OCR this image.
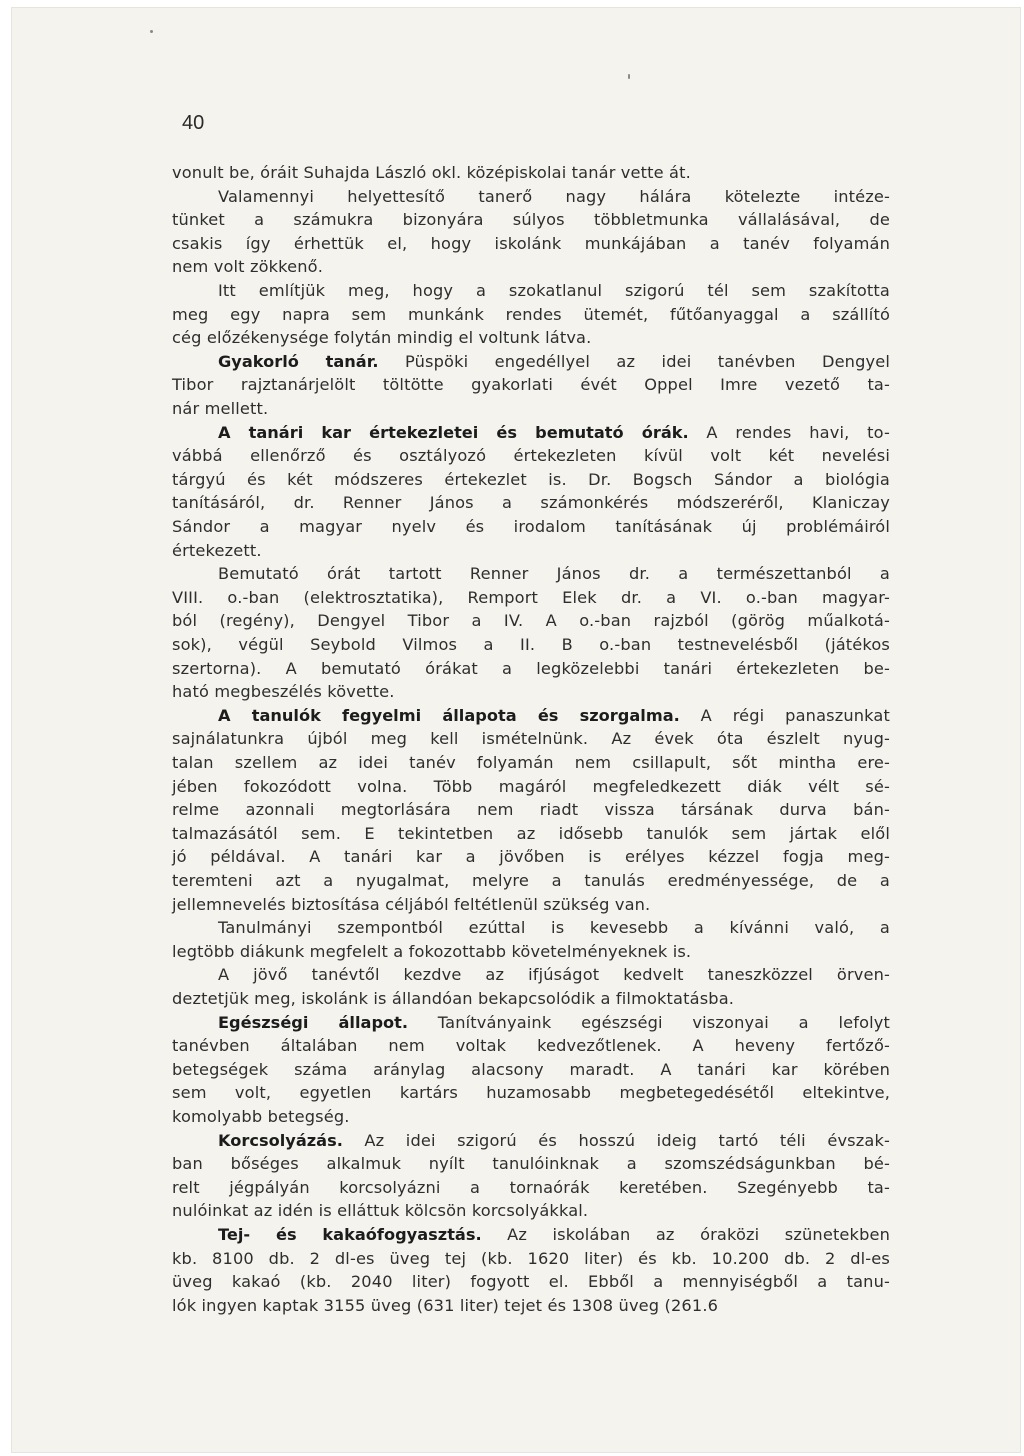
40
vonult be, óráit Suhajda László okl. középiskolai tanár vette át.
Valamennyi helyettesítő tanerő nagy hálára kötelezte intéze-
tünket a számukra bizonyára súlyos többletmunka vállalásával, de
csakis így érhettük el, hogy iskolánk munkájában a tanév folyamán
nem volt zökkenő.
Itt említjük meg, hogy a szokatlanul szigorú tél sem szakította
meg egy napra sem munkánk rendes ütemét, fűtőanyaggal a szállító
cég előzékenysége folytán mindig el voltunk látva.
Gyakorló tanár. Püspöki engedéllyel az idei tanévben Dengyel
Tibor rajztanárjelölt töltötte gyakorlati évét Oppel Imre vezető ta-
nár mellett.
A tanári kar értekezletei és bemutató órák. A rendes havi, to-
vábbá ellenőrző és osztályozó értekezleten kívül volt két nevelési
tárgyú és két módszeres értekezlet is. Dr. Bogsch Sándor a biológia
tanításáról, dr. Renner János a számonkérés módszeréről, Klaniczay
Sándor a magyar nyelv és irodalom tanításának új problémáiról
értekezett.
Bemutató órát tartott Renner János dr. a természettanból a
VIII. o.-ban (elektrosztatika), Remport Elek dr. a VI. o.-ban magyar-
ból (regény), Dengyel Tibor a IV. A o.-ban rajzból (görög műalkotá-
sok), végül Seybold Vilmos a II. B o.-ban testnevelésből (játékos
szertorna). A bemutató órákat a legközelebbi tanári értekezleten be-
ható megbeszélés követte.
A tanulók fegyelmi állapota és szorgalma. A régi panaszunkat
sajnálatunkra újból meg kell ismételnünk. Az évek óta észlelt nyug-
talan szellem az idei tanév folyamán nem csillapult, sőt mintha ere-
jében fokozódott volna. Több magáról megfeledkezett diák vélt sé-
relme azonnali megtorlására nem riadt vissza társának durva bán-
talmazásától sem. E tekintetben az idősebb tanulók sem jártak elől
jó példával. A tanári kar a jövőben is erélyes kézzel fogja meg-
teremteni azt a nyugalmat, melyre a tanulás eredményessége, de a
jellemnevelés biztosítása céljából feltétlenül szükség van.
Tanulmányi szempontból ezúttal is kevesebb a kívánni való, a
legtöbb diákunk megfelelt a fokozottabb követelményeknek is.
A jövő tanévtől kezdve az ifjúságot kedvelt taneszközzel örven-
deztetjük meg, iskolánk is állandóan bekapcsolódik a filmoktatásba.
Egészségi állapot. Tanítványaink egészségi viszonyai a lefolyt
tanévben általában nem voltak kedvezőtlenek. A heveny fertőző-
betegségek száma aránylag alacsony maradt. A tanári kar körében
sem volt, egyetlen kartárs huzamosabb megbetegedésétől eltekintve,
komolyabb betegség.
Korcsolyázás. Az idei szigorú és hosszú ideig tartó téli évszak-
ban bőséges alkalmuk nyílt tanulóinknak a szomszédságunkban bé-
relt jégpályán korcsolyázni a tornaórák keretében. Szegényebb ta-
nulóinkat az idén is elláttuk kölcsön korcsolyákkal.
Tej- és kakaófogyasztás. Az iskolában az óraközi szünetekben
kb. 8100 db. 2 dl-es üveg tej (kb. 1620 liter) és kb. 10.200 db. 2 dl-es
üveg kakaó (kb. 2040 liter) fogyott el. Ebből a mennyiségből a tanu-
lók ingyen kaptak 3155 üveg (631 liter) tejet és 1308 üveg (261.6
